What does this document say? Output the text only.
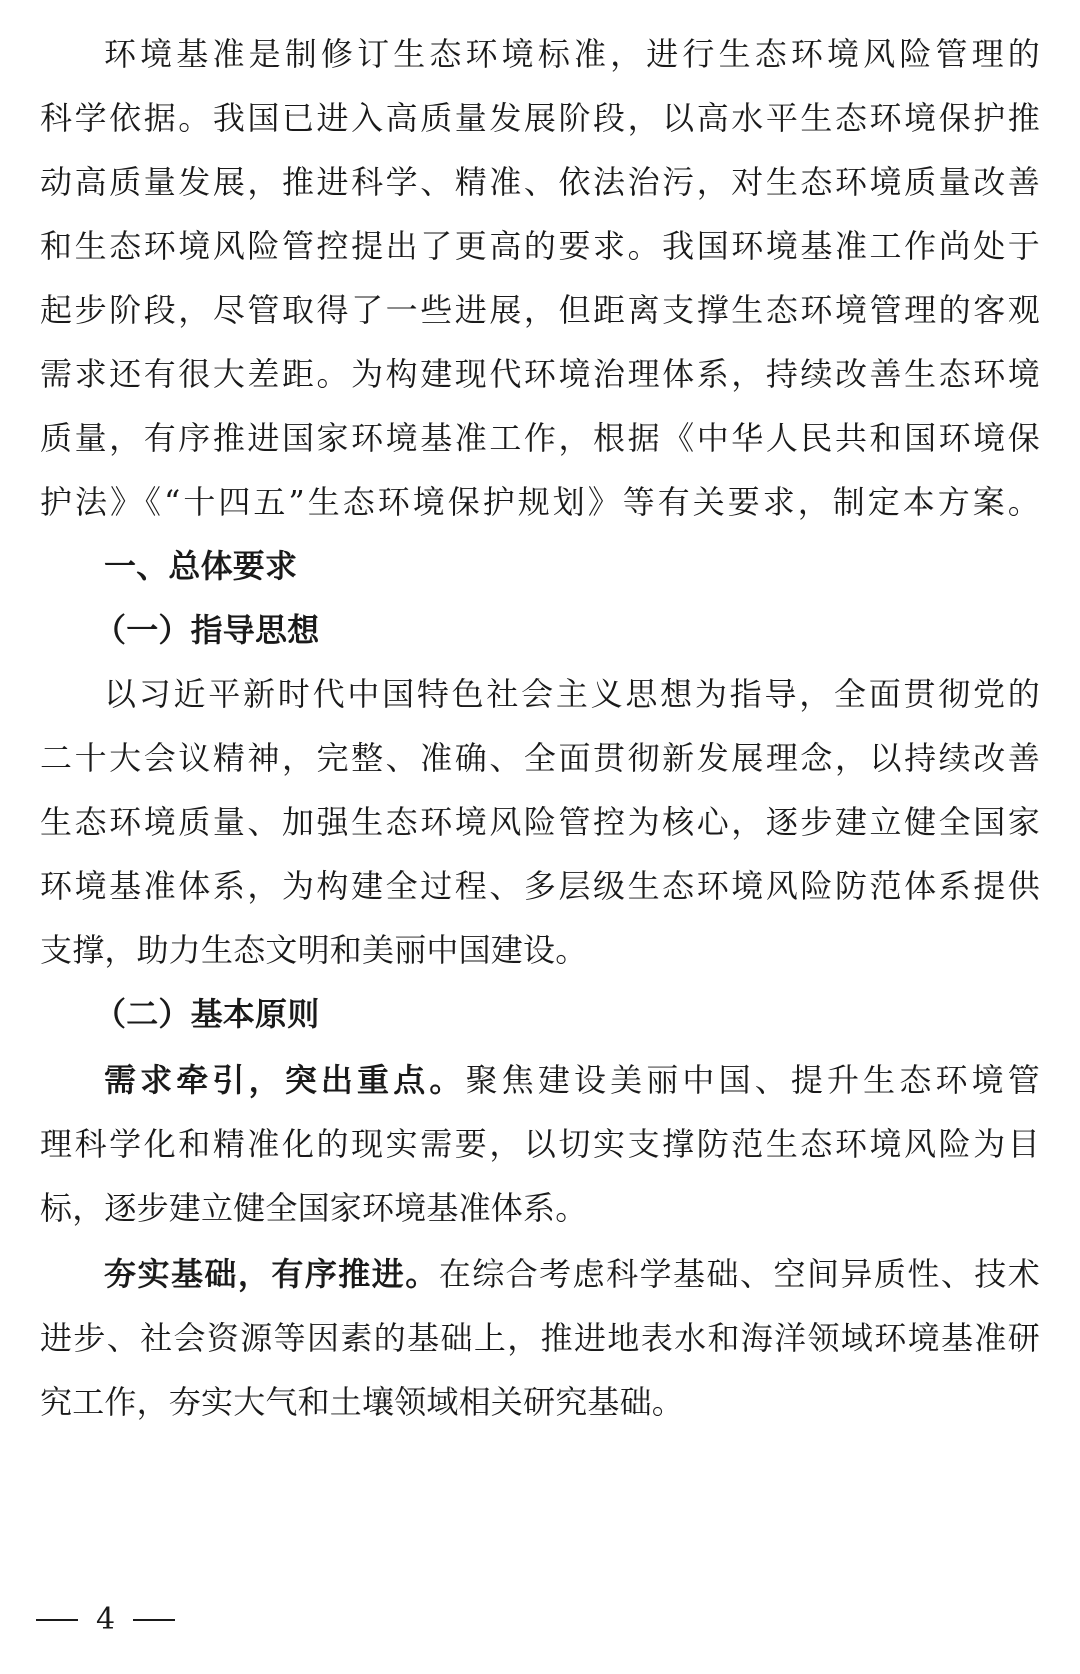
环境基准是制修订生态环境标准，进行生态环境风险管理的
科学依据。我国已进入高质量发展阶段，以高水平生态环境保护推
动高质量发展，推进科学、精准、依法治污，对生态环境质量改善
和生态环境风险管控提出了更高的要求。我国环境基准工作尚处于
起步阶段，尽管取得了一些进展，但距离支撑生态环境管理的客观
需求还有很大差距。为构建现代环境治理体系，持续改善生态环境
质量，有序推进国家环境基准工作，根据《中华人民共和国环境保
护法》《“十四五”生态环境保护规划》等有关要求，制定本方案。
一、总体要求
（一）指导思想
以习近平新时代中国特色社会主义思想为指导，全面贯彻党的
二十大会议精神，完整、准确、全面贯彻新发展理念，以持续改善
生态环境质量、加强生态环境风险管控为核心，逐步建立健全国家
环境基准体系，为构建全过程、多层级生态环境风险防范体系提供
支撑，助力生态文明和美丽中国建设。
（二）基本原则
需求牵引，突出重点。聚焦建设美丽中国、提升生态环境管
理科学化和精准化的现实需要，以切实支撑防范生态环境风险为目
标，逐步建立健全国家环境基准体系。
夯实基础，有序推进。在综合考虑科学基础、空间异质性、技术
进步、社会资源等因素的基础上，推进地表水和海洋领域环境基准研
究工作，夯实大气和土壤领域相关研究基础。
4
